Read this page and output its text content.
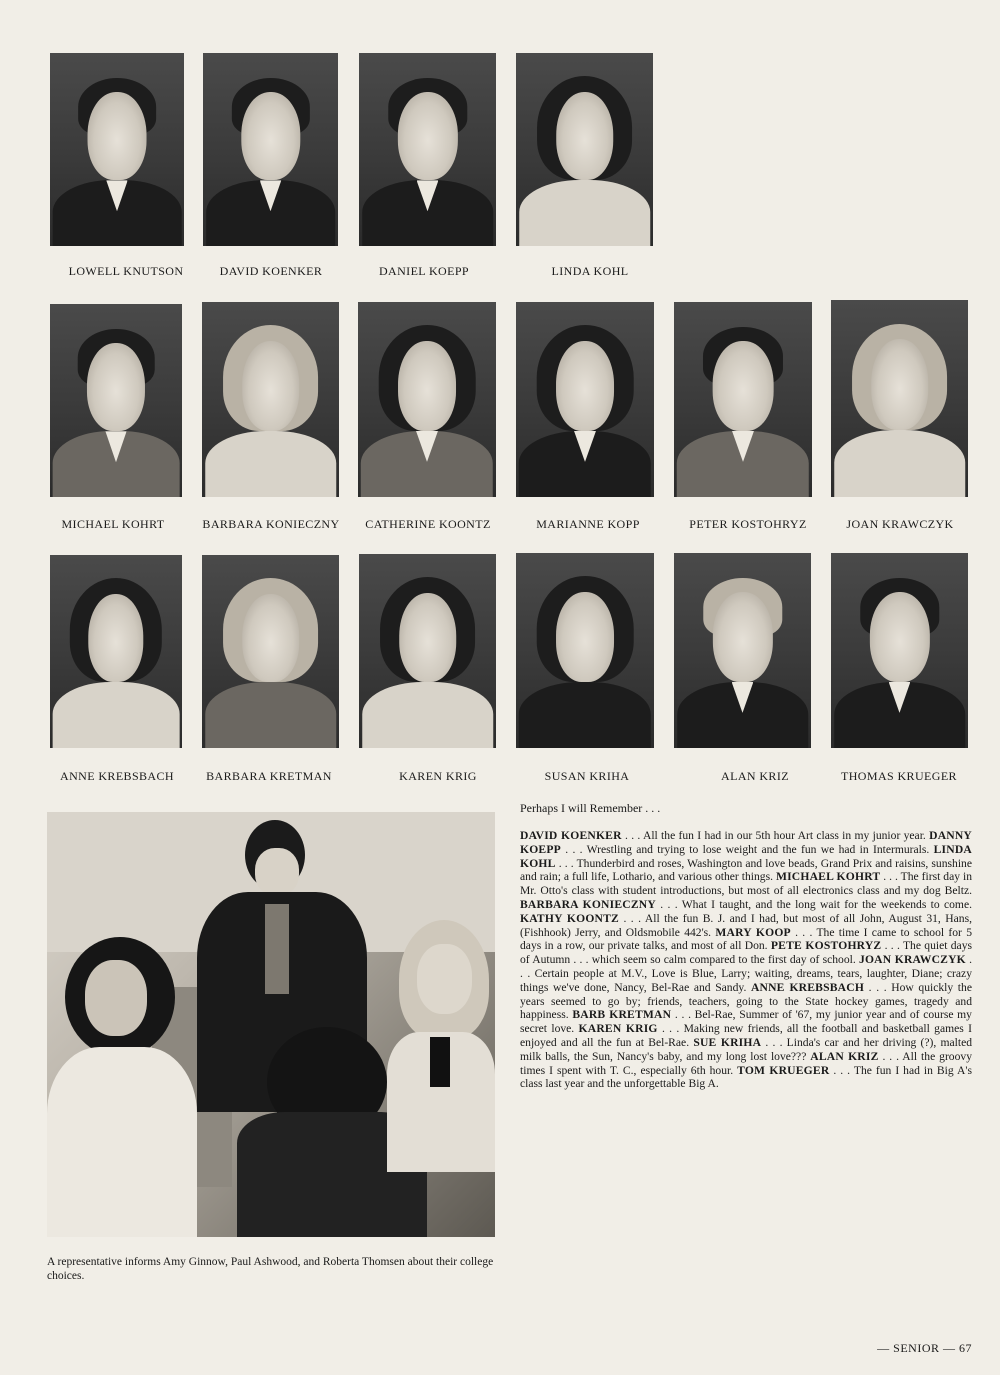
LOWELL KNUTSON	DAVID KOENKER	DANIEL KOEPP	LINDA KOHL
MICHAEL KOHRT	BARBARA KONIECZNY	CATHERINE KOONTZ	MARIANNE KOPP	PETER KOSTOHRYZ	JOAN KRAWCZYK
ANNE KREBSBACH	BARBARA KRETMAN	KAREN KRIG	SUSAN KRIHA	ALAN KRIZ	THOMAS KRUEGER
A representative informs Amy Ginnow, Paul Ashwood, and Roberta Thomsen about their college choices.
Perhaps I will Remember . . .
DAVID KOENKER . . . All the fun I had in our 5th hour Art class in my junior year. DANNY KOEPP . . . Wrestling and trying to lose weight and the fun we had in Intermurals. LINDA KOHL . . . Thunderbird and roses, Washington and love beads, Grand Prix and raisins, sunshine and rain; a full life, Lothario, and various other things. MICHAEL KOHRT . . . The first day in Mr. Otto's class with student introductions, but most of all electronics class and my dog Beltz. BARBARA KONIECZNY . . . What I taught, and the long wait for the weekends to come. KATHY KOONTZ . . . All the fun B. J. and I had, but most of all John, August 31, Hans, (Fishhook) Jerry, and Oldsmobile 442's. MARY KOOP . . . The time I came to school for 5 days in a row, our private talks, and most of all Don. PETE KOSTOHRYZ . . . The quiet days of Autumn . . . which seem so calm compared to the first day of school. JOAN KRAWCZYK . . . Certain people at M.V., Love is Blue, Larry; waiting, dreams, tears, laughter, Diane; crazy things we've done, Nancy, Bel-Rae and Sandy. ANNE KREBSBACH . . . How quickly the years seemed to go by; friends, teachers, going to the State hockey games, tragedy and happiness. BARB KRETMAN . . . Bel-Rae, Summer of '67, my junior year and of course my secret love. KAREN KRIG . . . Making new friends, all the football and basketball games I enjoyed and all the fun at Bel-Rae. SUE KRIHA . . . Linda's car and her driving (?), malted milk balls, the Sun, Nancy's baby, and my long lost love??? ALAN KRIZ . . . All the groovy times I spent with T. C., especially 6th hour. TOM KRUEGER . . . The fun I had in Big A's class last year and the unforgettable Big A.
— SENIOR — 67
